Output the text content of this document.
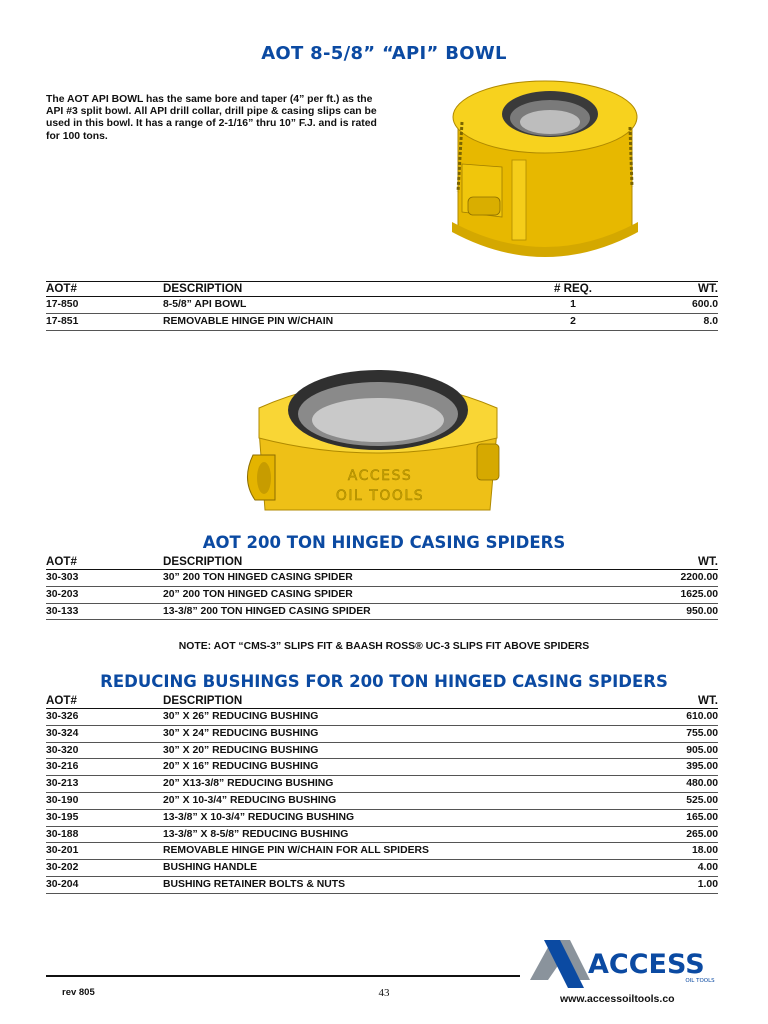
AOT 8-5/8” “API” BOWL
The AOT API BOWL has the same bore and taper (4” per ft.) as the API #3 split bowl. All API drill collar, drill pipe & casing slips can be used in this bowl. It has a range of 2-1/16” thru 10” F.J. and is rated for 100 tons.
AOT#	DESCRIPTION	# REQ.	WT.
17-850	8-5/8” API BOWL	1	600.0
17-851	REMOVABLE HINGE PIN W/CHAIN	2	8.0
ACCESS
OIL TOOLS
AOT 200 TON HINGED CASING SPIDERS
AOT#	DESCRIPTION	WT.
30-303	30” 200 TON HINGED CASING SPIDER	2200.00
30-203	20” 200 TON HINGED CASING SPIDER	1625.00
30-133	13-3/8” 200 TON HINGED CASING SPIDER	950.00
NOTE: AOT “CMS-3” SLIPS FIT & BAASH ROSS® UC-3 SLIPS FIT ABOVE SPIDERS
REDUCING BUSHINGS FOR 200 TON HINGED CASING SPIDERS
AOT#	DESCRIPTION	WT.
30-326	30” X 26” REDUCING BUSHING	610.00
30-324	30” X 24” REDUCING BUSHING	755.00
30-320	30” X 20” REDUCING BUSHING	905.00
30-216	20” X 16” REDUCING BUSHING	395.00
30-213	20” X13-3/8” REDUCING BUSHING	480.00
30-190	20” X 10-3/4” REDUCING BUSHING	525.00
30-195	13-3/8” X 10-3/4” REDUCING BUSHING	165.00
30-188	13-3/8” X 8-5/8” REDUCING BUSHING	265.00
30-201	REMOVABLE HINGE PIN W/CHAIN FOR ALL SPIDERS	18.00
30-202	BUSHING HANDLE	4.00
30-204	BUSHING RETAINER BOLTS & NUTS	1.00
ACCESS
OIL TOOLS
rev 805	43	www.accessoiltools.co
